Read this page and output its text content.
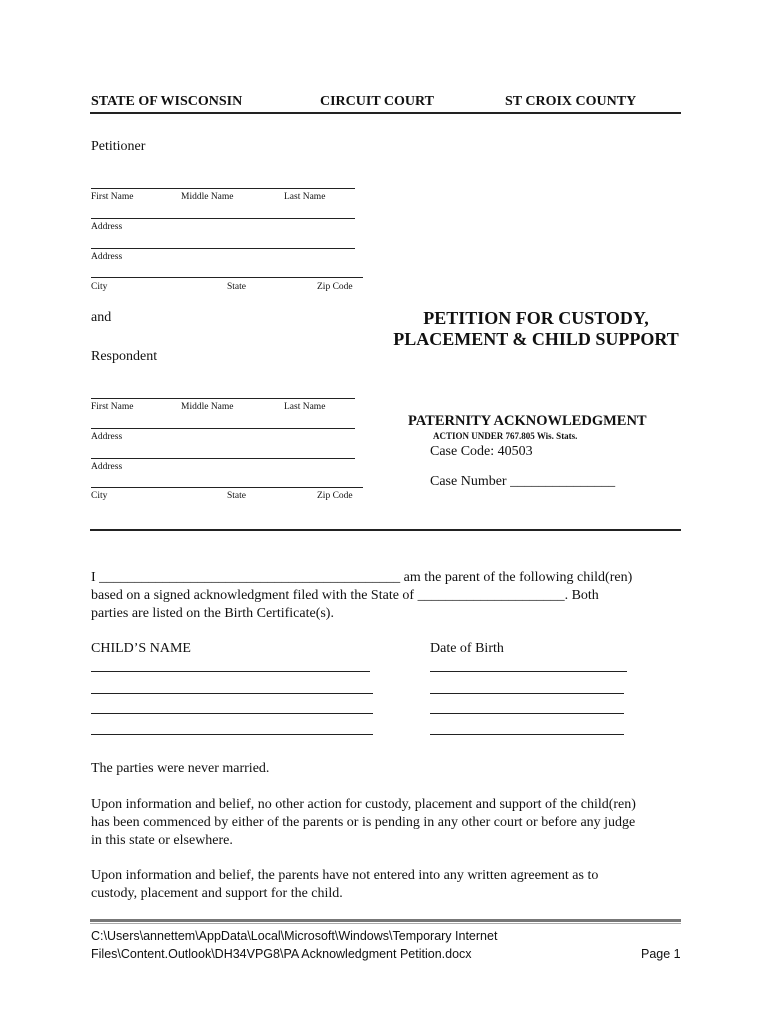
STATE OF WISCONSIN	CIRCUIT COURT	ST CROIX COUNTY
Petitioner
First Name	Middle Name	Last Name
Address
Address
City	State	Zip Code
and	PETITION FOR CUSTODY,
PLACEMENT & CHILD SUPPORT
Respondent
First Name	Middle Name	Last Name
Address
Address
City	State	Zip Code
PATERNITY ACKNOWLEDGMENT
ACTION UNDER 767.805 Wis. Stats.
Case Code: 40503
Case Number _______________
I ___________________________________________ am the parent of the following child(ren)
based on a signed acknowledgment filed with the State of _____________________. Both
parties are listed on the Birth Certificate(s).
CHILD’S NAME	Date of Birth
The parties were never married.
Upon information and belief, no other action for custody, placement and support of the child(ren)
has been commenced by either of the parents or is pending in any other court or before any judge
in this state or elsewhere.
Upon information and belief, the parents have not entered into any written agreement as to
custody, placement and support for the child.
C:\Users\annettem\AppData\Local\Microsoft\Windows\Temporary Internet
Files\Content.Outlook\DH34VPG8\PA Acknowledgment Petition.docx	Page 1
